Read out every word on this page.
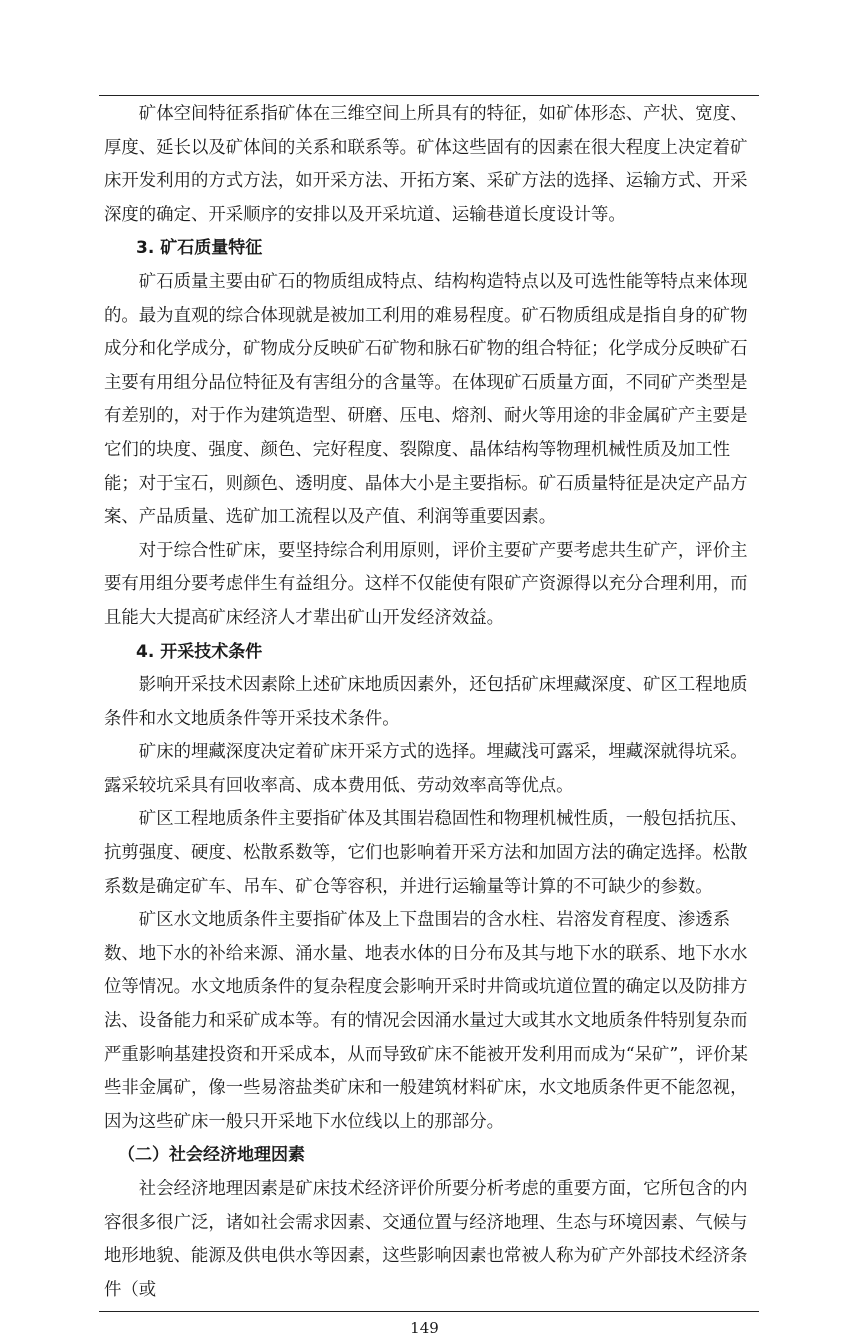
矿体空间特征系指矿体在三维空间上所具有的特征，如矿体形态、产状、宽度、厚度、延长以及矿体间的关系和联系等。矿体这些固有的因素在很大程度上决定着矿床开发利用的方式方法，如开采方法、开拓方案、采矿方法的选择、运输方式、开采深度的确定、开采顺序的安排以及开采坑道、运输巷道长度设计等。

3. 矿石质量特征

矿石质量主要由矿石的物质组成特点、结构构造特点以及可选性能等特点来体现的。最为直观的综合体现就是被加工利用的难易程度。矿石物质组成是指自身的矿物成分和化学成分，矿物成分反映矿石矿物和脉石矿物的组合特征；化学成分反映矿石主要有用组分品位特征及有害组分的含量等。在体现矿石质量方面，不同矿产类型是有差别的，对于作为建筑造型、研磨、压电、熔剂、耐火等用途的非金属矿产主要是它们的块度、强度、颜色、完好程度、裂隙度、晶体结构等物理机械性质及加工性能；对于宝石，则颜色、透明度、晶体大小是主要指标。矿石质量特征是决定产品方案、产品质量、选矿加工流程以及产值、利润等重要因素。

对于综合性矿床，要坚持综合利用原则，评价主要矿产要考虑共生矿产，评价主要有用组分要考虑伴生有益组分。这样不仅能使有限矿产资源得以充分合理利用，而且能大大提高矿床经济人才辈出矿山开发经济效益。

4. 开采技术条件

影响开采技术因素除上述矿床地质因素外，还包括矿床埋藏深度、矿区工程地质条件和水文地质条件等开采技术条件。

矿床的埋藏深度决定着矿床开采方式的选择。埋藏浅可露采，埋藏深就得坑采。露采较坑采具有回收率高、成本费用低、劳动效率高等优点。

矿区工程地质条件主要指矿体及其围岩稳固性和物理机械性质，一般包括抗压、抗剪强度、硬度、松散系数等，它们也影响着开采方法和加固方法的确定选择。松散系数是确定矿车、吊车、矿仓等容积，并进行运输量等计算的不可缺少的参数。

矿区水文地质条件主要指矿体及上下盘围岩的含水柱、岩溶发育程度、渗透系数、地下水的补给来源、涌水量、地表水体的日分布及其与地下水的联系、地下水水位等情况。水文地质条件的复杂程度会影响开采时井筒或坑道位置的确定以及防排方法、设备能力和采矿成本等。有的情况会因涌水量过大或其水文地质条件特别复杂而严重影响基建投资和开采成本，从而导致矿床不能被开发利用而成为“呆矿”，评价某些非金属矿，像一些易溶盐类矿床和一般建筑材料矿床，水文地质条件更不能忽视，因为这些矿床一般只开采地下水位线以上的那部分。

（二）社会经济地理因素

社会经济地理因素是矿床技术经济评价所要分析考虑的重要方面，它所包含的内容很多很广泛，诸如社会需求因素、交通位置与经济地理、生态与环境因素、气候与地形地貌、能源及供电供水等因素，这些影响因素也常被人称为矿产外部技术经济条件（或

149
